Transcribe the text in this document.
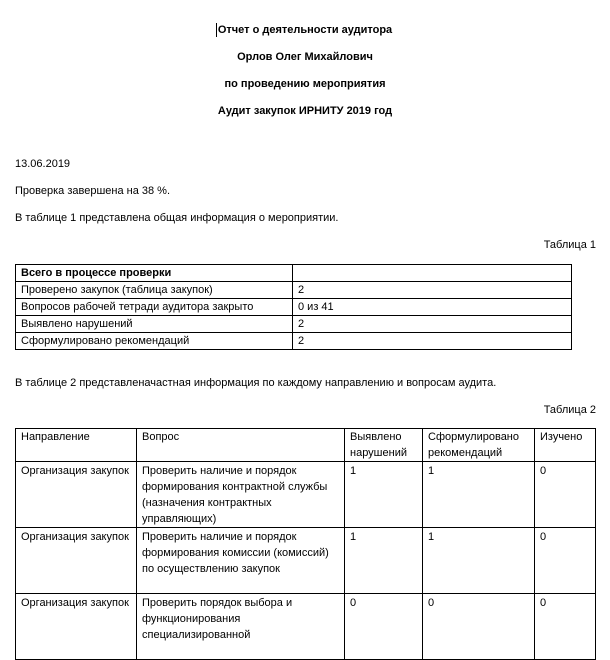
Отчет о деятельности аудитора
Орлов Олег Михайлович
по проведению мероприятия
Аудит закупок ИРНИТУ 2019 год
13.06.2019
Проверка завершена на 38 %.
В таблице 1 представлена общая информация о мероприятии.
Таблица 1
Всего в процессе проверки	
Проверено закупок (таблица закупок)	2
Вопросов рабочей тетради аудитора закрыто	0 из 41
Выявлено нарушений	2
Сформулировано рекомендаций	2
В таблице 2 представленачастная информация по каждому направлению и вопросам аудита.
Таблица 2
Направление	Вопрос	Выявлено нарушений	Сформулировано рекомендаций	Изучено
Организация закупок	Проверить наличие и порядок формирования контрактной службы (назначения контрактных управляющих)	1	1	0
Организация закупок	Проверить наличие и порядок формирования комиссии (комиссий) по осуществлению закупок	1	1	0
Организация закупок	Проверить порядок выбора и функционирования специализированной	0	0	0
